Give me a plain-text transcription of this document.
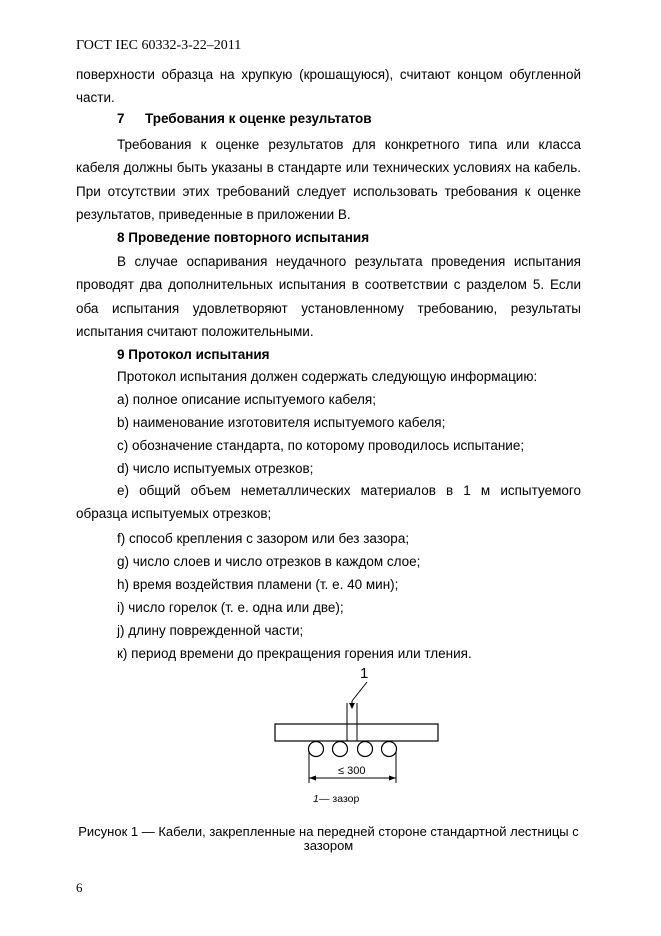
ГОСТ IEC 60332-3-22–2011

поверхности образца на хрупкую (крошащуюся), считают концом обугленной части.

7 Требования к оценке результатов

Требования к оценке результатов для конкретного типа или класса кабеля должны быть указаны в стандарте или технических условиях на кабель. При отсутствии этих требований следует использовать требования к оценке результатов, приведенные в приложении В.

8 Проведение повторного испытания

В случае оспаривания неудачного результата проведения испытания проводят два дополнительных испытания в соответствии с разделом 5. Если оба испытания удовлетворяют установленному требованию, результаты испытания считают положительными.

9 Протокол испытания
Протокол испытания должен содержать следующую информацию:
a) полное описание испытуемого кабеля;
b) наименование изготовителя испытуемого кабеля;
c) обозначение стандарта, по которому проводилось испытание;
d) число испытуемых отрезков;

e) общий объем неметаллических материалов в 1 м испытуемого образца испытуемых отрезков;

f) способ крепления с зазором или без зазора;
g) число слоев и число отрезков в каждом слое;
h) время воздействия пламени (т. е. 40 мин);
i) число горелок (т. е. одна или две);
j) длину поврежденной части;
к) период времени до прекращения горения или тления.
1
≤ 300
1 — зазор
Рисунок 1 — Кабели, закрепленные на передней стороне стандартной лестницы с зазором
6
